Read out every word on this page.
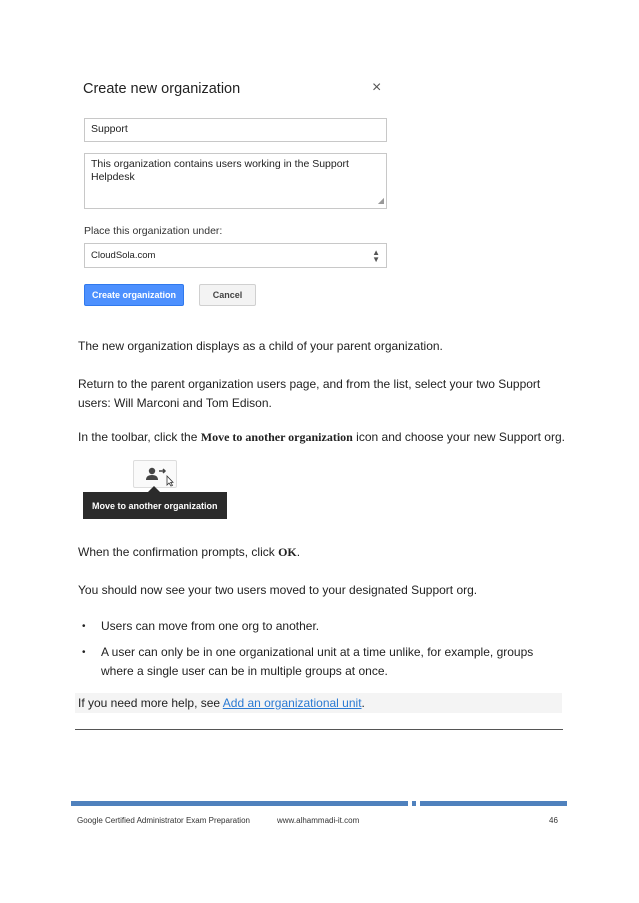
Create new organization	×
Support
This organization contains users working in the Support Helpdesk
◢
Place this organization under:
CloudSola.com	▲
▼
Create organization	Cancel
The new organization displays as a child of your parent organization.
Return to the parent organization users page, and from the list, select your two Support users: Will Marconi and Tom Edison.
In the toolbar, click the Move to another organization icon and choose your new Support org.
Move to another organization
When the confirmation prompts, click OK.
You should now see your two users moved to your designated Support org.
• Users can move from one org to another.
• A user can only be in one organizational unit at a time unlike, for example, groups where a single user can be in multiple groups at once.
If you need more help, see Add an organizational unit.
Google Certified Administrator Exam Preparation	www.alhammadi-it.com	46
